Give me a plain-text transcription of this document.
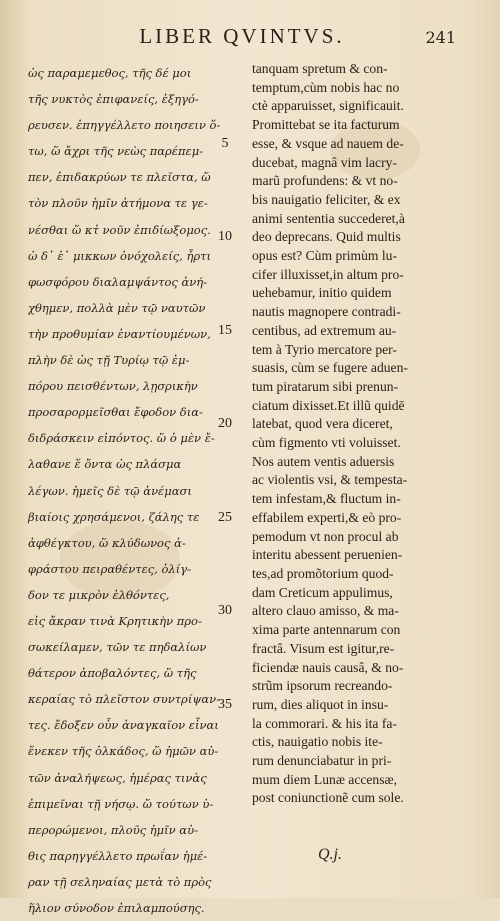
LIBER QVINTVS.	241
ὡς παραμεμεθος, τῆς δέ μοι
τῆς νυκτὸς ἐπιφανείς, ἐξηγό-
ρευσεν. ἐπηγγέλλετο ποιησειν ὅ-
τω, ὥ ἄχρι τῆς νεὼς παρέπεμ-
πεν, ἐπιδακρύων τε πλεῖστα, ὥ
τὸν πλοῦν ἡμῖν ἀτήμονα τε γε-
νέσθαι ὥ κτ̓ νοῦν ἐπιδίωξομος.
ὡ δ᾽ ἑ᾽ μικκων ὀνόχολείς, ἦρτι
φωσφόρου διαλαμψάντος ἀνή-
χθημεν, πολλὰ μὲν τῷ ναυτῶν
τὴν προθυμίαν ἐναντίουμένων,
πλὴν δὲ ὡς τῇ Τυρίῳ τῷ ἐμ-
πόρου πεισθέντων, λῃσρικὴν
προσαρορμεῖσθαι ἔφοδον δια-
διδράσκειν εἰπόντος. ὥ ὁ μὲν ἔ-
λαθανε ἕ ὄντα ὡς πλάσμα
λέγων. ἡμεῖς δὲ τῷ ἀνέμασι
βιαίοις χρησάμενοι, ζάλης τε
ἀφθέγκτου, ὥ κλύδωνος ἀ-
φράστου πειραθέντες, ὀλίγ-
δον τε μικρὸν ἐλθόντες,
εἰς ἄκραν τινὰ Κρητικὴν προ-
σωκείλαμεν, τῶν τε πηδαλίων
θάτερον ἀποβαλόντες, ὥ τῆς
κεραίας τὸ πλεῖστον συντρίψαν-
τες. ἔδοξεν οὖν ἀναγκαῖον εἶναι
ἕνεκεν τῆς ὁλκάδος, ὥ ἡμῶν αὐ-
τῶν ἀναλήψεως, ἡμέρας τινὰς
ἐπιμεῖναι τῇ νήσῳ. ὥ τούτων ὑ-
περορώμενοι, πλοῦς ἡμῖν αὐ-
θις παρηγγέλλετο πρωΐαν ἡμέ-
ραν τῇ σεληναίας μετὰ τὸ πρὸς
ἥλιον σύνοδον ἐπιλαμπούσης.
tanquam spretum & con-
temptum,cùm nobis hac no
ctè apparuisset, significauit.
Promittebat se ita facturum
esse, & vsque ad nauem de-
ducebat, magnâ vim lacry-
marũ profundens: & vt no-
bis nauigatio feliciter, & ex
animi sententia succederet,à
deo deprecans. Quid multis
opus est? Cùm primùm lu-
cifer illuxisset,in altum pro-
uehebamur, initio quidem
nautis magnopere contradi-
centibus, ad extremum au-
tem à Tyrio mercatore per-
suasis, cùm se fugere aduen-
tum piratarum sibi prenun-
ciatum dixisset.Et illũ quidē
latebat, quod vera diceret,
cùm figmento vti voluisset.
Nos autem ventis aduersis
ac violentis vsi, & tempesta-
tem infestam,& fluctum in-
effabilem experti,& eò pro-
pemodum vt non procul ab
interitu abessent peruenien-
tes,ad promõtorium quod-
dam Creticum appulimus,
altero clauo amisso, & ma-
xima parte antennarum con
fractâ. Visum est igitur,re-
ficiendæ nauis causâ, & no-
strũm ipsorum recreando-
rum, dies aliquot in insu-
la commorari. & his ita fa-
ctis, nauigatio nobis ite-
rum denunciabatur in pri-
mum diem Lunæ accensæ,
post coniunctionẽ cum sole.
5
10
15
20
25
30
35
Q.j.
